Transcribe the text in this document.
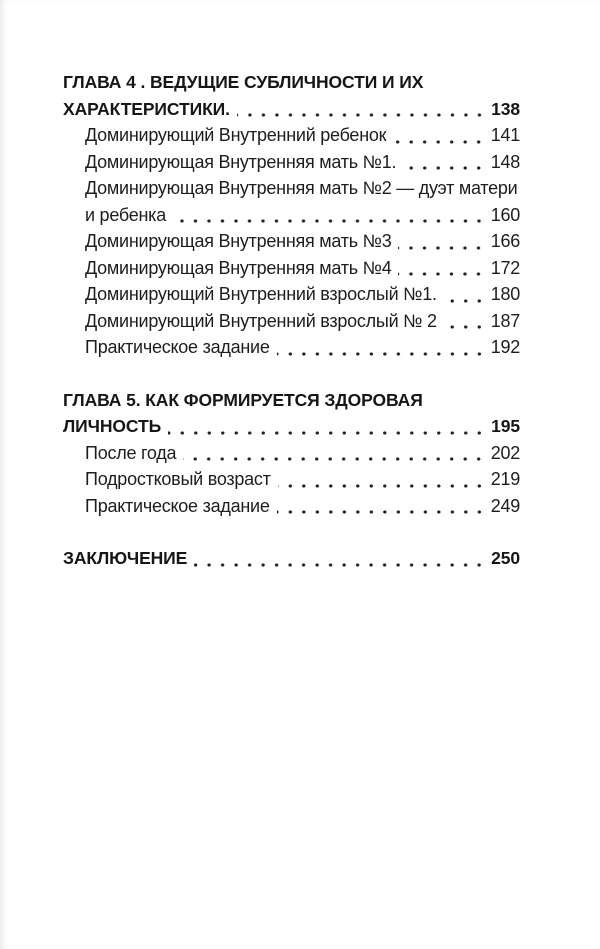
ГЛАВА 4 . ВЕДУЩИЕ СУБЛИЧНОСТИ И ИХ
ХАРАКТЕРИСТИКИ.	138
Доминирующий Внутренний ребенок	141
Доминирующая Внутренняя мать №1.	148
Доминирующая Внутренняя мать №2 — дуэт матери
и ребенка	160
Доминирующая Внутренняя мать №3	166
Доминирующая Внутренняя мать №4	172
Доминирующий Внутренний взрослый №1.	180
Доминирующий Внутренний взрослый № 2	187
Практическое задание	192
ГЛАВА 5. КАК ФОРМИРУЕТСЯ ЗДОРОВАЯ
ЛИЧНОСТЬ	195
После года	202
Подростковый возраст	219
Практическое задание	249
ЗАКЛЮЧЕНИЕ	250
